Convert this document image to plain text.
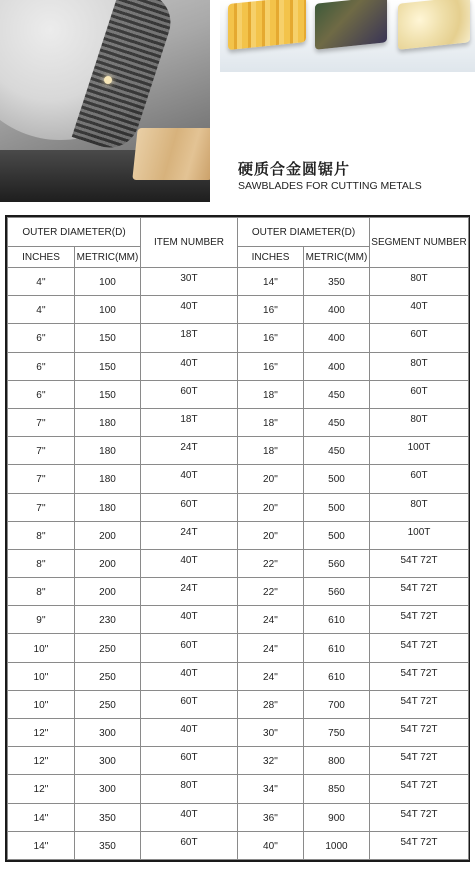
硬质合金圆锯片
SAWBLADES FOR CUTTING METALS
OUTER DIAMETER(D)		ITEM NUMBER	OUTER DIAMETER(D)		SEGMENT NUMBER
INCHES	METRIC(MM)		INCHES	METRIC(MM)	
4''	100	30T	14''	350	80T
4''	100	40T	16''	400	40T
6''	150	18T	16''	400	60T
6''	150	40T	16''	400	80T
6''	150	60T	18''	450	60T
7''	180	18T	18''	450	80T
7''	180	24T	18''	450	100T
7''	180	40T	20''	500	60T
7''	180	60T	20''	500	80T
8''	200	24T	20''	500	100T
8''	200	40T	22''	560	54T 72T
8''	200	24T	22''	560	54T 72T
9''	230	40T	24''	610	54T 72T
10''	250	60T	24''	610	54T 72T
10''	250	40T	24''	610	54T 72T
10''	250	60T	28''	700	54T 72T
12''	300	40T	30''	750	54T 72T
12''	300	60T	32''	800	54T 72T
12''	300	80T	34''	850	54T 72T
14''	350	40T	36''	900	54T 72T
14''	350	60T	40''	1000	54T 72T
